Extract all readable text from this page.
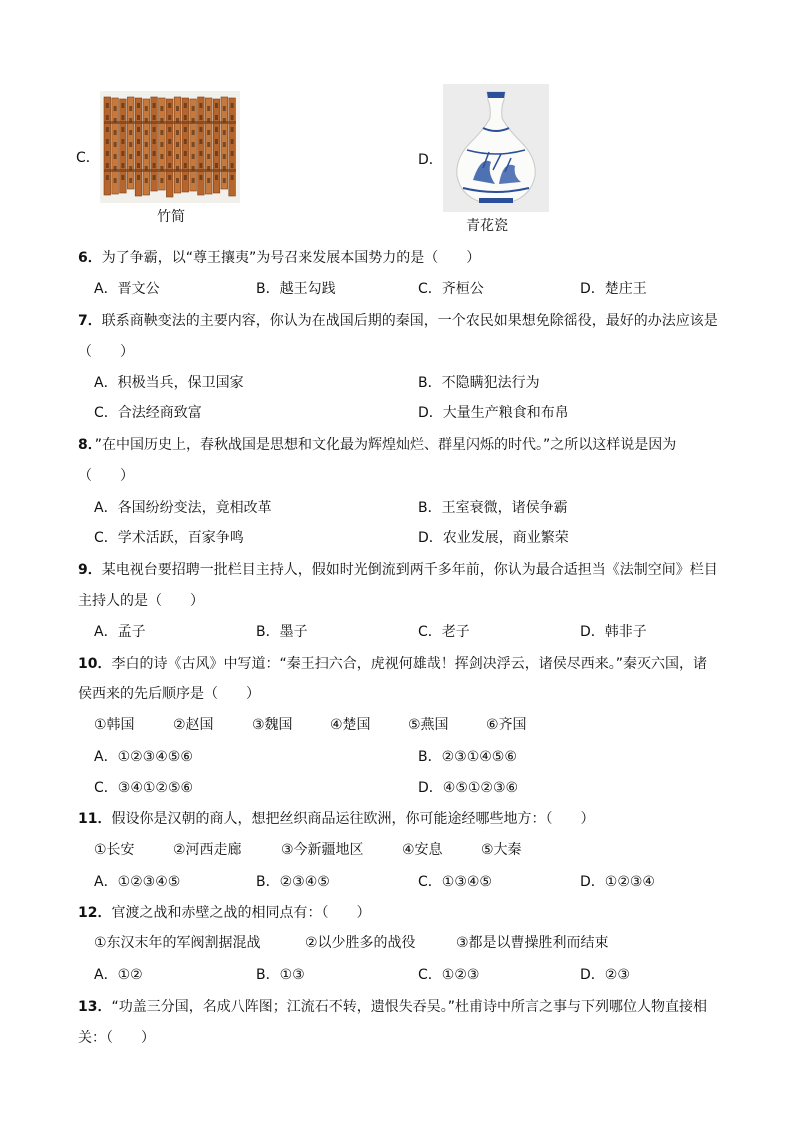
C．
竹简
D．
青花瓷
6．为了争霸，以“尊王攘夷”为号召来发展本国势力的是（　　）
A．晋文公	B．越王勾践	C．齐桓公	D．楚庄王
7．联系商鞅变法的主要内容，你认为在战国后期的秦国，一个农民如果想免除徭役，最好的办法应该是
（　　）
A．积极当兵，保卫国家	B．不隐瞒犯法行为
C．合法经商致富	D．大量生产粮食和布帛
8．”在中国历史上，春秋战国是思想和文化最为辉煌灿烂、群星闪烁的时代。”之所以这样说是因为
（　　）
A．各国纷纷变法，竟相改革	B．王室衰微，诸侯争霸
C．学术活跃，百家争鸣	D．农业发展，商业繁荣
9．某电视台要招聘一批栏目主持人，假如时光倒流到两千多年前，你认为最合适担当《法制空间》栏目
主持人的是（　　）
A．孟子	B．墨子	C．老子	D．韩非子
10．李白的诗《古风》中写道：“秦王扫六合，虎视何雄哉！挥剑决浮云，诸侯尽西来。”秦灭六国，诸
侯西来的先后顺序是（　　）
①韩国	②赵国	③魏国	④楚国	⑤燕国	⑥齐国
A．①②③④⑤⑥	B．②③①④⑤⑥
C．③④①②⑤⑥	D．④⑤①②③⑥
11．假设你是汉朝的商人，想把丝织商品运往欧洲，你可能途经哪些地方：（　　）
①长安	②河西走廊	③今新疆地区	④安息	⑤大秦
A．①②③④⑤	B．②③④⑤	C．①③④⑤	D．①②③④
12．官渡之战和赤壁之战的相同点有：（　　）
①东汉末年的军阀割据混战	②以少胜多的战役	③都是以曹操胜利而结束
A．①②	B．①③	C．①②③	D．②③
13．“功盖三分国，名成八阵图；江流石不转，遗恨失吞吴。”杜甫诗中所言之事与下列哪位人物直接相
关：（　　）
